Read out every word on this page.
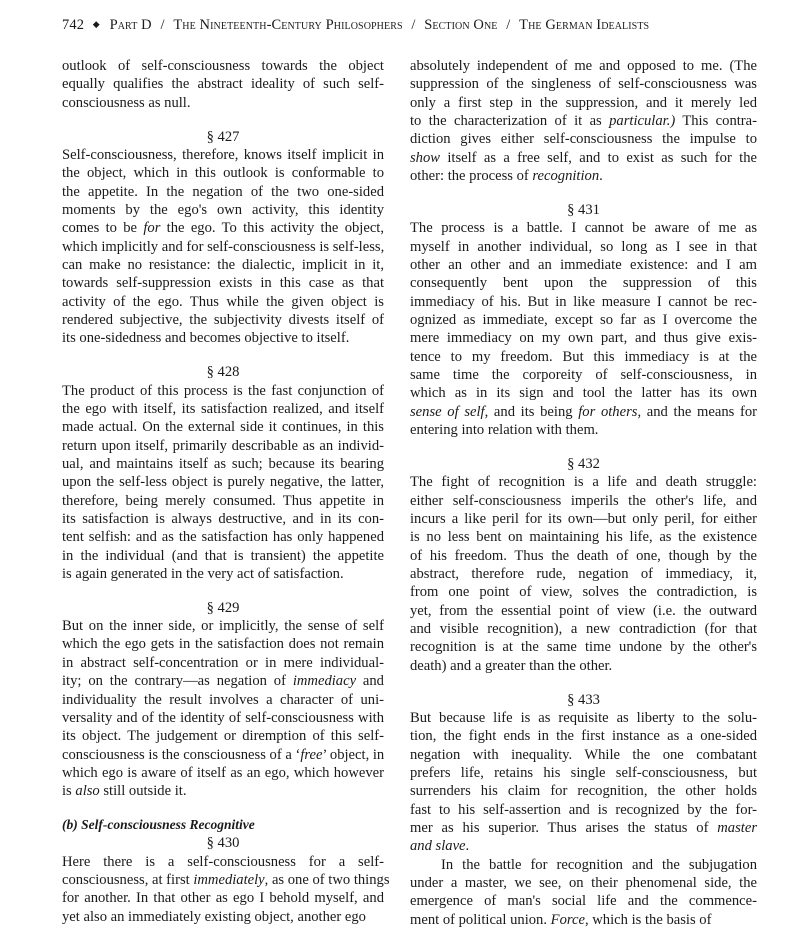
742 ◆ Part D / The Nineteenth-Century Philosophers / Section One / The German Idealists
outlook of self-consciousness towards the object
equally qualifies the abstract ideality of such self-
consciousness as null.
§ 427
Self-consciousness, therefore, knows itself implicit in
the object, which in this outlook is conformable to
the appetite. In the negation of the two one-sided
moments by the ego's own activity, this identity
comes to be for the ego. To this activity the object,
which implicitly and for self-consciousness is self-less,
can make no resistance: the dialectic, implicit in it,
towards self-suppression exists in this case as that
activity of the ego. Thus while the given object is
rendered subjective, the subjectivity divests itself of
its one-sidedness and becomes objective to itself.
§ 428
The product of this process is the fast conjunction of
the ego with itself, its satisfaction realized, and itself
made actual. On the external side it continues, in this
return upon itself, primarily describable as an individ-
ual, and maintains itself as such; because its bearing
upon the self-less object is purely negative, the latter,
therefore, being merely consumed. Thus appetite in
its satisfaction is always destructive, and in its con-
tent selfish: and as the satisfaction has only happened
in the individual (and that is transient) the appetite
is again generated in the very act of satisfaction.
§ 429
But on the inner side, or implicitly, the sense of self
which the ego gets in the satisfaction does not remain
in abstract self-concentration or in mere individual-
ity; on the contrary—as negation of immediacy and
individuality the result involves a character of uni-
versality and of the identity of self-consciousness with
its object. The judgement or diremption of this self-
consciousness is the consciousness of a ‘free’ object, in
which ego is aware of itself as an ego, which however
is also still outside it.
(b) Self-consciousness Recognitive
§ 430
Here there is a self-consciousness for a self-
consciousness, at first immediately, as one of two things
for another. In that other as ego I behold myself, and
yet also an immediately existing object, another ego
absolutely independent of me and opposed to me. (The
suppression of the singleness of self-consciousness was
only a first step in the suppression, and it merely led
to the characterization of it as particular.) This contra-
diction gives either self-consciousness the impulse to
show itself as a free self, and to exist as such for the
other: the process of recognition.
§ 431
The process is a battle. I cannot be aware of me as
myself in another individual, so long as I see in that
other an other and an immediate existence: and I am
consequently bent upon the suppression of this
immediacy of his. But in like measure I cannot be rec-
ognized as immediate, except so far as I overcome the
mere immediacy on my own part, and thus give exis-
tence to my freedom. But this immediacy is at the
same time the corporeity of self-consciousness, in
which as in its sign and tool the latter has its own
sense of self, and its being for others, and the means for
entering into relation with them.
§ 432
The fight of recognition is a life and death struggle:
either self-consciousness imperils the other's life, and
incurs a like peril for its own—but only peril, for either
is no less bent on maintaining his life, as the existence
of his freedom. Thus the death of one, though by the
abstract, therefore rude, negation of immediacy, it,
from one point of view, solves the contradiction, is
yet, from the essential point of view (i.e. the outward
and visible recognition), a new contradiction (for that
recognition is at the same time undone by the other's
death) and a greater than the other.
§ 433
But because life is as requisite as liberty to the solu-
tion, the fight ends in the first instance as a one-sided
negation with inequality. While the one combatant
prefers life, retains his single self-consciousness, but
surrenders his claim for recognition, the other holds
fast to his self-assertion and is recognized by the for-
mer as his superior. Thus arises the status of master
and slave.
In the battle for recognition and the subjugation
under a master, we see, on their phenomenal side, the
emergence of man's social life and the commence-
ment of political union. Force, which is the basis of
